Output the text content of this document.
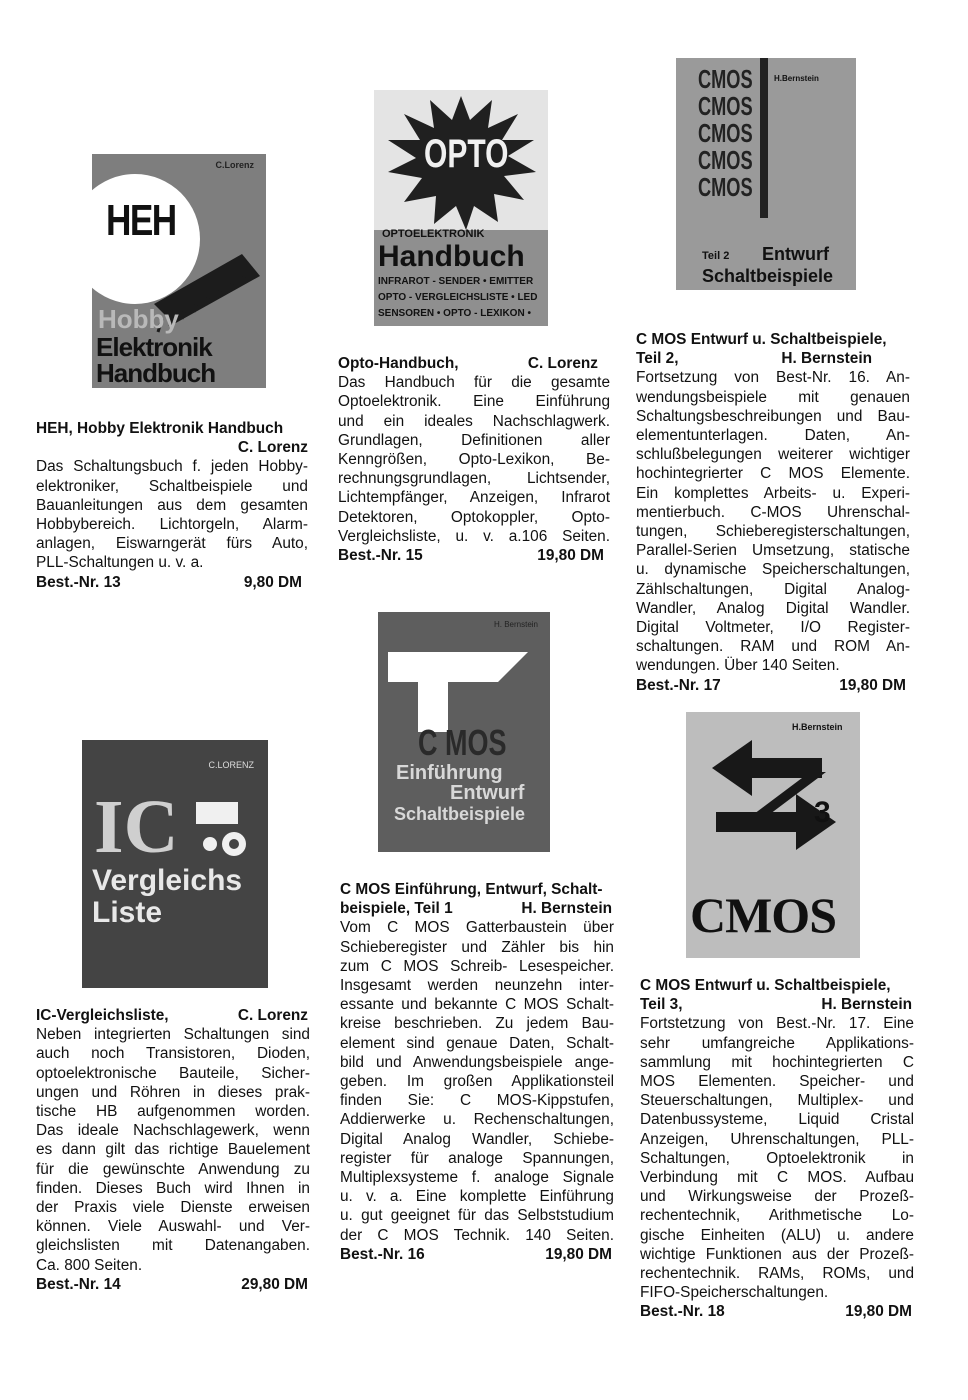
C.Lorenz
HEH
Hobby
Elektronik
Handbuch
OPTO
OPTOELEKTRONIK
Handbuch
INFRAROT - SENDER • EMITTER
OPTO - VERGLEICHSLISTE • LED
SENSOREN • OPTO - LEXIKON •
H.Bernstein
CMOS
CMOS
CMOS
CMOS
CMOS
Teil 2 Entwurf
Schaltbeispiele
C.LORENZ
IC
Vergleichs
Liste
H. Bernstein
C MOS
Einführung
Entwurf
Schaltbeispiele
H.Bernstein
3
CMOS
HEH, Hobby Elektronik Handbuch
C. Lorenz
Das Schaltungsbuch f. jeden Hobby-
elektroniker, Schaltbeispiele und
Bauanleitungen aus dem gesamten
Hobbybereich. Lichtorgeln, Alarm-
anlagen, Eiswarngerät fürs Auto,
PLL-Schaltungen u. v. a.
Best.-Nr. 13	9,80 DM
Opto-Handbuch,	C. Lorenz
Das Handbuch für die gesamte
Optoelektronik. Eine Einführung
und ein ideales Nachschlagwerk.
Grundlagen, Definitionen aller
Kenngrößen, Opto-Lexikon, Be-
rechnungsgrundlagen, Lichtsender,
Lichtempfänger, Anzeigen, Infrarot
Detektoren, Optokoppler, Opto-
Vergleichsliste, u. v. a.106 Seiten.
Best.-Nr. 15	19,80 DM
C MOS Entwurf u. Schaltbeispiele,
Teil 2,	H. Bernstein
Fortsetzung von Best-Nr. 16. An-
wendungsbeispiele mit genauen
Schaltungsbeschreibungen und Bau-
elementunterlagen. Daten, An-
schlußbelegungen weiterer wichtiger
hochintegrierter C MOS Elemente.
Ein komplettes Arbeits- u. Experi-
mentierbuch. C-MOS Uhrenschal-
tungen, Schieberegisterschaltungen,
Parallel-Serien Umsetzung, statische
u. dynamische Speicherschaltungen,
Zählschaltungen, Digital Analog-
Wandler, Analog Digital Wandler.
Digital Voltmeter, I/O Register-
schaltungen. RAM und ROM An-
wendungen. Über 140 Seiten.
Best.-Nr. 17	19,80 DM
IC-Vergleichsliste,	C. Lorenz
Neben integrierten Schaltungen sind
auch noch Transistoren, Dioden,
optoelektronische Bauteile, Sicher-
ungen und Röhren in dieses prak-
tische HB aufgenommen worden.
Das ideale Nachschlagewerk, wenn
es dann gilt das richtige Bauelement
für die gewünschte Anwendung zu
finden. Dieses Buch wird Ihnen in
der Praxis viele Dienste erweisen
können. Viele Auswahl- und Ver-
gleichslisten mit Datenangaben.
Ca. 800 Seiten.
Best.-Nr. 14	29,80 DM
C MOS Einführung, Entwurf, Schalt-
beispiele, Teil 1	H. Bernstein
Vom C MOS Gatterbaustein über
Schieberegister und Zähler bis hin
zum C MOS Schreib- Lesespeicher.
Insgesamt werden neunzehn inter-
essante und bekannte C MOS Schalt-
kreise beschrieben. Zu jedem Bau-
element sind genaue Daten, Schalt-
bild und Anwendungsbeispiele ange-
geben. Im großen Applikationsteil
finden Sie: C MOS-Kippstufen,
Addierwerke u. Rechenschaltungen,
Digital Analog Wandler, Schiebe-
register für analoge Spannungen,
Multiplexsysteme f. analoge Signale
u. v. a. Eine komplette Einführung
u. gut geeignet für das Selbststudium
der C MOS Technik. 140 Seiten.
Best.-Nr. 16	19,80 DM
C MOS Entwurf u. Schaltbeispiele,
Teil 3,	H. Bernstein
Fortstetzung von Best.-Nr. 17. Eine
sehr umfangreiche Applikations-
sammlung mit hochintegrierten C
MOS Elementen. Speicher- und
Steuerschaltungen, Multiplex- und
Datenbussysteme, Liquid Cristal
Anzeigen, Uhrenschaltungen, PLL-
Schaltungen, Optoelektronik in
Verbindung mit C MOS. Aufbau
und Wirkungsweise der Prozeß-
rechentechnik, Arithmetische Lo-
gische Einheiten (ALU) u. andere
wichtige Funktionen aus der Prozeß-
rechentechnik. RAMs, ROMs, und
FIFO-Speicherschaltungen.
Best.-Nr. 18	19,80 DM
